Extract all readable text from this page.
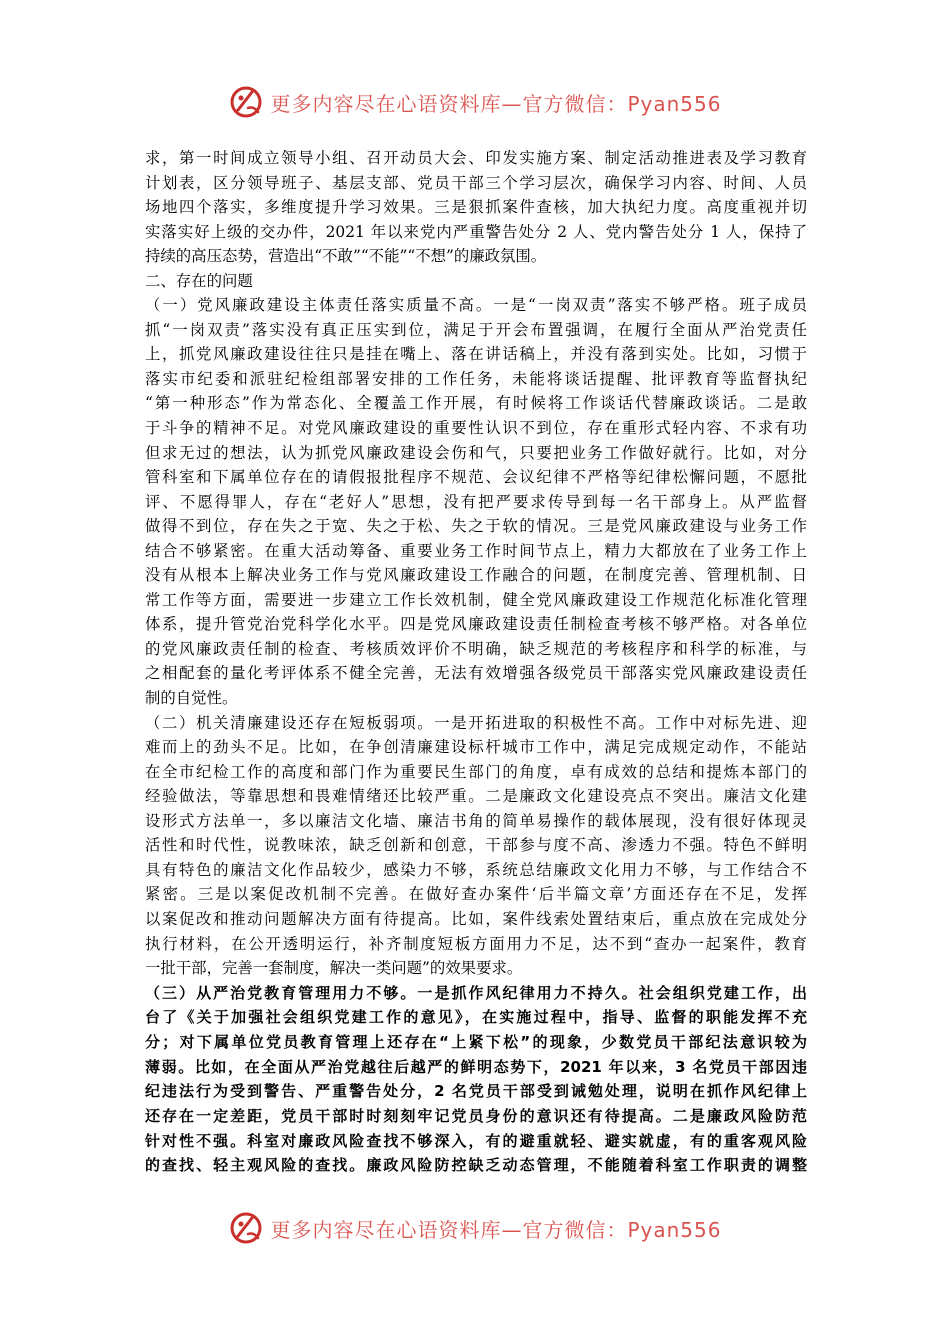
更多内容尽在心语资料库—官方微信：Pyan556
求，第一时间成立领导小组、召开动员大会、印发实施方案、制定活动推进表及学习教育
计划表，区分领导班子、基层支部、党员干部三个学习层次，确保学习内容、时间、人员
场地四个落实，多维度提升学习效果。三是狠抓案件查核，加大执纪力度。高度重视并切
实落实好上级的交办件，2021 年以来党内严重警告处分 2 人、党内警告处分 1 人，保持了
持续的高压态势，营造出“不敢”“不能”“不想”的廉政氛围。
二、存在的问题
（一）党风廉政建设主体责任落实质量不高。一是“一岗双责”落实不够严格。班子成员
抓“一岗双责”落实没有真正压实到位，满足于开会布置强调，在履行全面从严治党责任
上，抓党风廉政建设往往只是挂在嘴上、落在讲话稿上，并没有落到实处。比如，习惯于
落实市纪委和派驻纪检组部署安排的工作任务，未能将谈话提醒、批评教育等监督执纪
“第一种形态”作为常态化、全覆盖工作开展，有时候将工作谈话代替廉政谈话。二是敢
于斗争的精神不足。对党风廉政建设的重要性认识不到位，存在重形式轻内容、不求有功
但求无过的想法，认为抓党风廉政建设会伤和气，只要把业务工作做好就行。比如，对分
管科室和下属单位存在的请假报批程序不规范、会议纪律不严格等纪律松懈问题，不愿批
评、不愿得罪人，存在“老好人”思想，没有把严要求传导到每一名干部身上。从严监督
做得不到位，存在失之于宽、失之于松、失之于软的情况。三是党风廉政建设与业务工作
结合不够紧密。在重大活动筹备、重要业务工作时间节点上，精力大都放在了业务工作上
没有从根本上解决业务工作与党风廉政建设工作融合的问题，在制度完善、管理机制、日
常工作等方面，需要进一步建立工作长效机制，健全党风廉政建设工作规范化标准化管理
体系，提升管党治党科学化水平。四是党风廉政建设责任制检查考核不够严格。对各单位
的党风廉政责任制的检查、考核质效评价不明确，缺乏规范的考核程序和科学的标准，与
之相配套的量化考评体系不健全完善，无法有效增强各级党员干部落实党风廉政建设责任
制的自觉性。
（二）机关清廉建设还存在短板弱项。一是开拓进取的积极性不高。工作中对标先进、迎
难而上的劲头不足。比如，在争创清廉建设标杆城市工作中，满足完成规定动作，不能站
在全市纪检工作的高度和部门作为重要民生部门的角度，卓有成效的总结和提炼本部门的
经验做法，等靠思想和畏难情绪还比较严重。二是廉政文化建设亮点不突出。廉洁文化建
设形式方法单一，多以廉洁文化墙、廉洁书角的简单易操作的载体展现，没有很好体现灵
活性和时代性，说教味浓，缺乏创新和创意，干部参与度不高、渗透力不强。特色不鲜明
具有特色的廉洁文化作品较少，感染力不够，系统总结廉政文化用力不够，与工作结合不
紧密。三是以案促改机制不完善。在做好查办案件‘后半篇文章’方面还存在不足，发挥
以案促改和推动问题解决方面有待提高。比如，案件线索处置结束后，重点放在完成处分
执行材料，在公开透明运行，补齐制度短板方面用力不足，达不到“查办一起案件，教育
一批干部，完善一套制度，解决一类问题”的效果要求。
（三）从严治党教育管理用力不够。一是抓作风纪律用力不持久。社会组织党建工作，出
台了《关于加强社会组织党建工作的意见》，在实施过程中，指导、监督的职能发挥不充
分；对下属单位党员教育管理上还存在“上紧下松”的现象，少数党员干部纪法意识较为
薄弱。比如，在全面从严治党越往后越严的鲜明态势下，2021 年以来，3 名党员干部因违
纪违法行为受到警告、严重警告处分，2 名党员干部受到诫勉处理，说明在抓作风纪律上
还存在一定差距，党员干部时时刻刻牢记党员身份的意识还有待提高。二是廉政风险防范
针对性不强。科室对廉政风险查找不够深入，有的避重就轻、避实就虚，有的重客观风险
的查找、轻主观风险的查找。廉政风险防控缺乏动态管理，不能随着科室工作职责的调整
更多内容尽在心语资料库—官方微信：Pyan556
